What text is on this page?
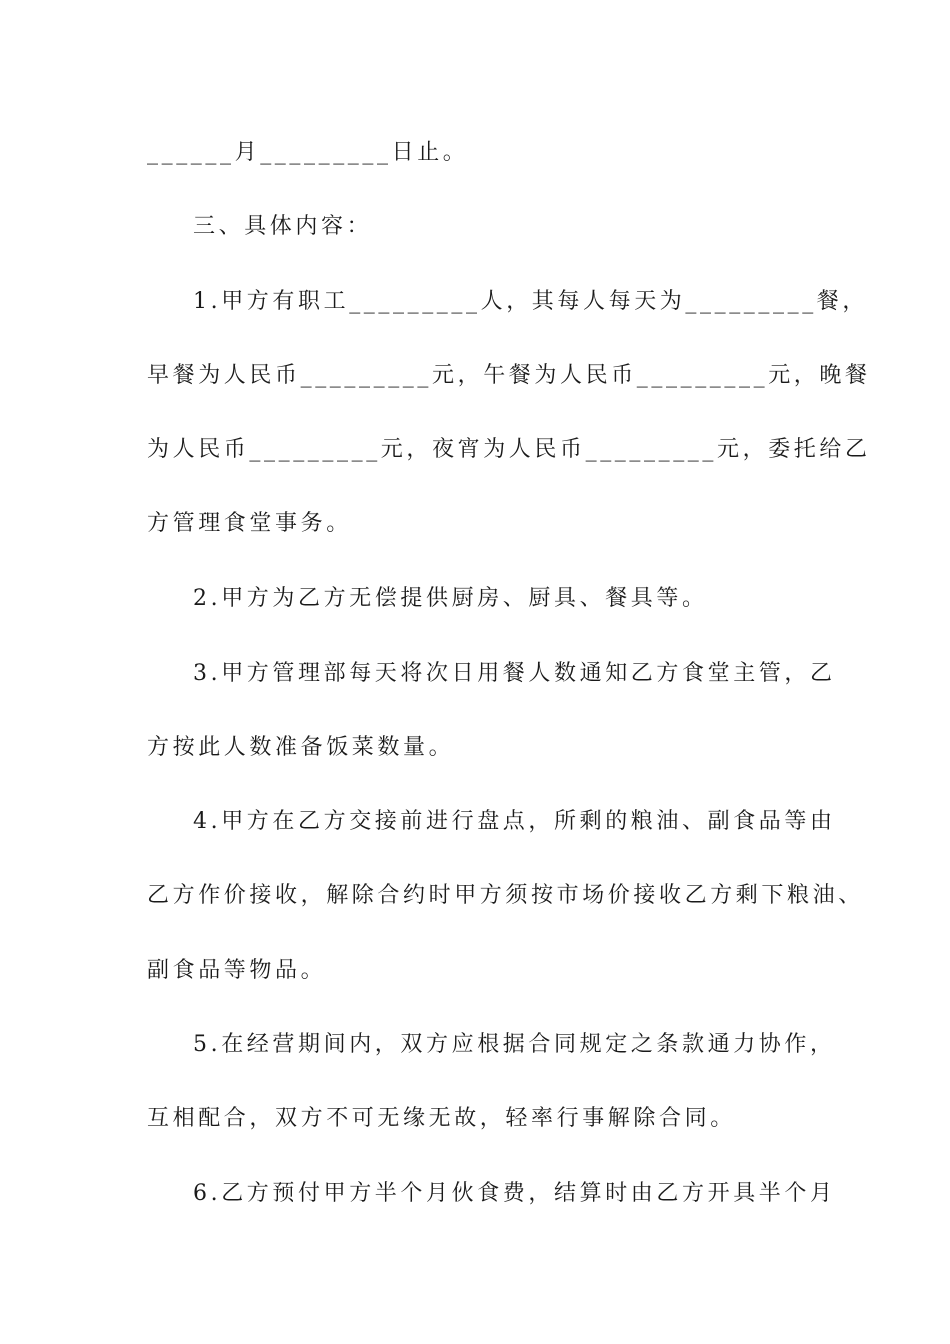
______月_________日止。
三、具体内容：
1.甲方有职工_________人，其每人每天为_________餐，
早餐为人民币_________元，午餐为人民币_________元，晚餐
为人民币_________元，夜宵为人民币_________元，委托给乙
方管理食堂事务。
2.甲方为乙方无偿提供厨房、厨具、餐具等。
3.甲方管理部每天将次日用餐人数通知乙方食堂主管，乙
方按此人数准备饭菜数量。
4.甲方在乙方交接前进行盘点，所剩的粮油、副食品等由
乙方作价接收，解除合约时甲方须按市场价接收乙方剩下粮油、
副食品等物品。
5.在经营期间内，双方应根据合同规定之条款通力协作，
互相配合，双方不可无缘无故，轻率行事解除合同。
6.乙方预付甲方半个月伙食费，结算时由乙方开具半个月
